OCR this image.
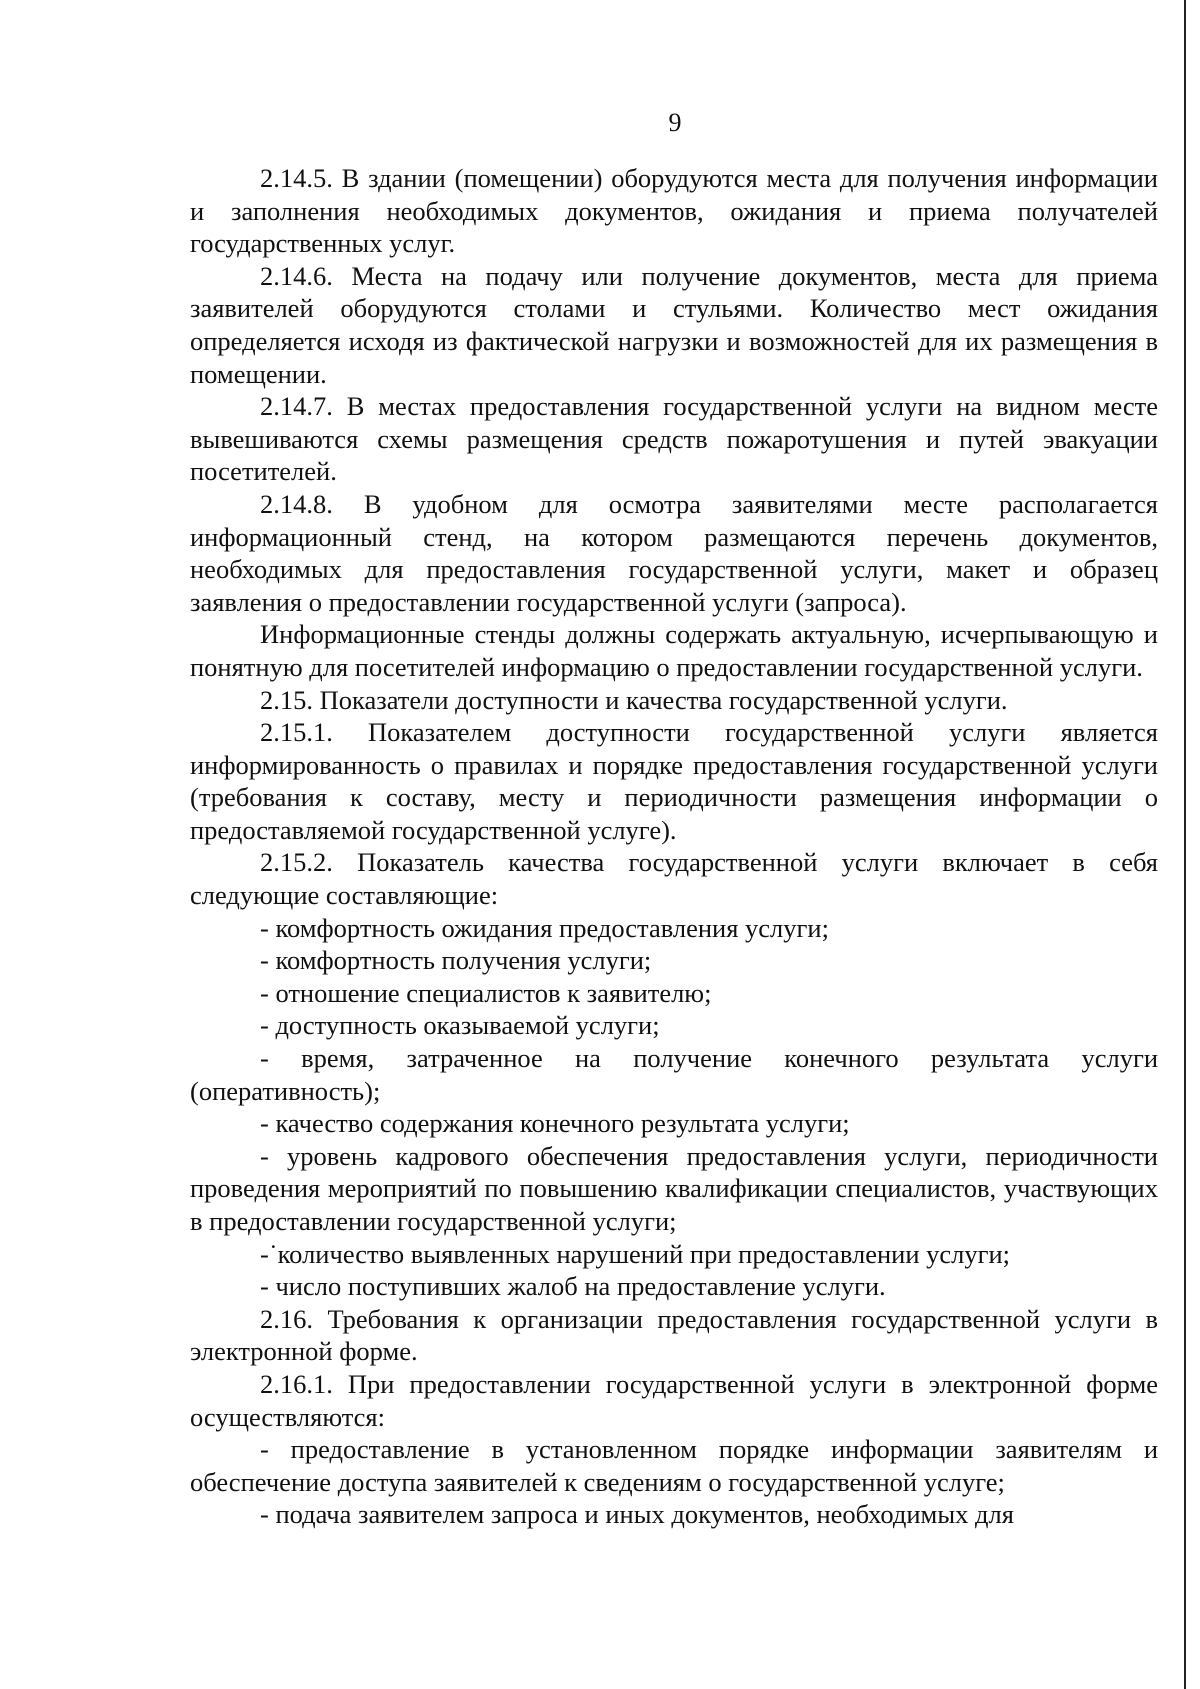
9

2.14.5. В здании (помещении) оборудуются места для получения информации и заполнения необходимых документов, ожидания и приема получателей государственных услуг.

2.14.6. Места на подачу или получение документов, места для приема заявителей оборудуются столами и стульями. Количество мест ожидания определяется исходя из фактической нагрузки и возможностей для их размещения в помещении.

2.14.7. В местах предоставления государственной услуги на видном месте вывешиваются схемы размещения средств пожаротушения и путей эвакуации посетителей.

2.14.8. В удобном для осмотра заявителями месте располагается информационный стенд, на котором размещаются перечень документов, необходимых для предоставления государственной услуги, макет и образец заявления о предоставлении государственной услуги (запроса).

Информационные стенды должны содержать актуальную, исчерпывающую и понятную для посетителей информацию о предоставлении государственной услуги.

2.15. Показатели доступности и качества государственной услуги.

2.15.1. Показателем доступности государственной услуги является информированность о правилах и порядке предоставления государственной услуги (требования к составу, месту и периодичности размещения информации о предоставляемой государственной услуге).

2.15.2. Показатель качества государственной услуги включает в себя следующие составляющие:

- комфортность ожидания предоставления услуги;

- комфортность получения услуги;

- отношение специалистов к заявителю;

- доступность оказываемой услуги;

- время, затраченное на получение конечного результата услуги (оперативность);

- качество содержания конечного результата услуги;

- уровень кадрового обеспечения предоставления услуги, периодичности проведения мероприятий по повышению квалификации специалистов, участвующих в предоставлении государственной услуги;

-˙количество выявленных нарушений при предоставлении услуги;

- число поступивших жалоб на предоставление услуги.

2.16. Требования к организации предоставления государственной услуги в электронной форме.

2.16.1. При предоставлении государственной услуги в электронной форме осуществляются:

- предоставление в установленном порядке информации заявителям и обеспечение доступа заявителей к сведениям о государственной услуге;

- подача заявителем запроса и иных документов, необходимых для
